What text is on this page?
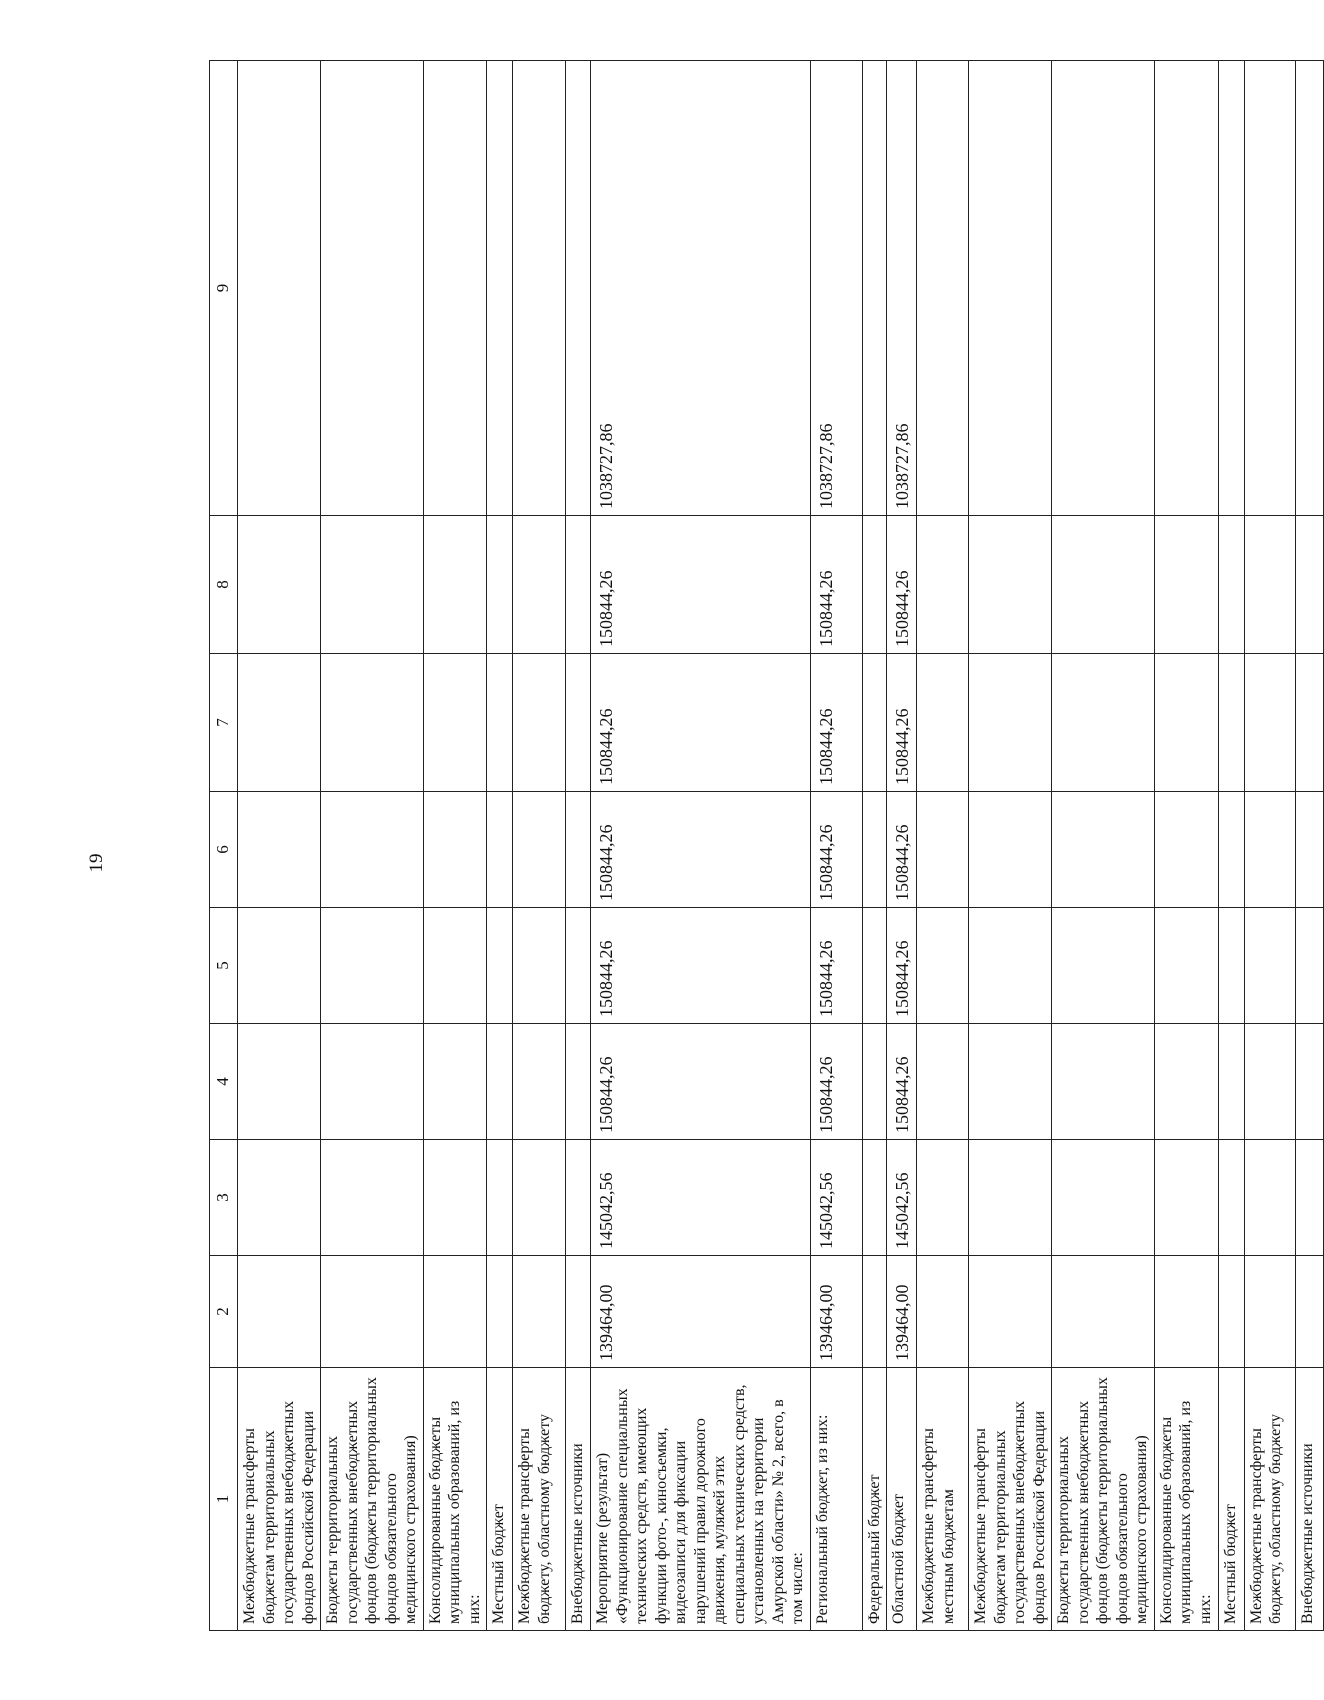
19
1	2	3	4	5	6	7	8	9
Межбюджетные трансферты бюджетам территориальных государственных внебюджетных фондов Российской Федерации								
Бюджеты территориальных государственных внебюджетных фондов (бюджеты территориальных фондов обязательного медицинского страхования)								
Консолидированные бюджеты муниципальных образований, из них:								
Местный бюджет								
Межбюджетные трансферты бюджету, областному бюджету								
Внебюджетные источники								
Мероприятие (результат) «Функционирование специальных технических средств, имеющих функции фото-, киносъемки, видеозаписи для фиксации нарушений правил дорожного движения, муляжей этих специальных технических средств, установленных на территории Амурской области» № 2, всего, в том числе:	139464,00	145042,56	150844,26	150844,26	150844,26	150844,26	150844,26	1038727,86
Региональный бюджет, из них:	139464,00	145042,56	150844,26	150844,26	150844,26	150844,26	150844,26	1038727,86
Федеральный бюджет								
Областной бюджет	139464,00	145042,56	150844,26	150844,26	150844,26	150844,26	150844,26	1038727,86
Межбюджетные трансферты местным бюджетам								
Межбюджетные трансферты бюджетам территориальных государственных внебюджетных фондов Российской Федерации								
Бюджеты территориальных государственных внебюджетных фондов (бюджеты территориальных фондов обязательного медицинского страхования)								
Консолидированные бюджеты муниципальных образований, из них:								
Местный бюджет								
Межбюджетные трансферты бюджету, областному бюджету								
Внебюджетные источники								
